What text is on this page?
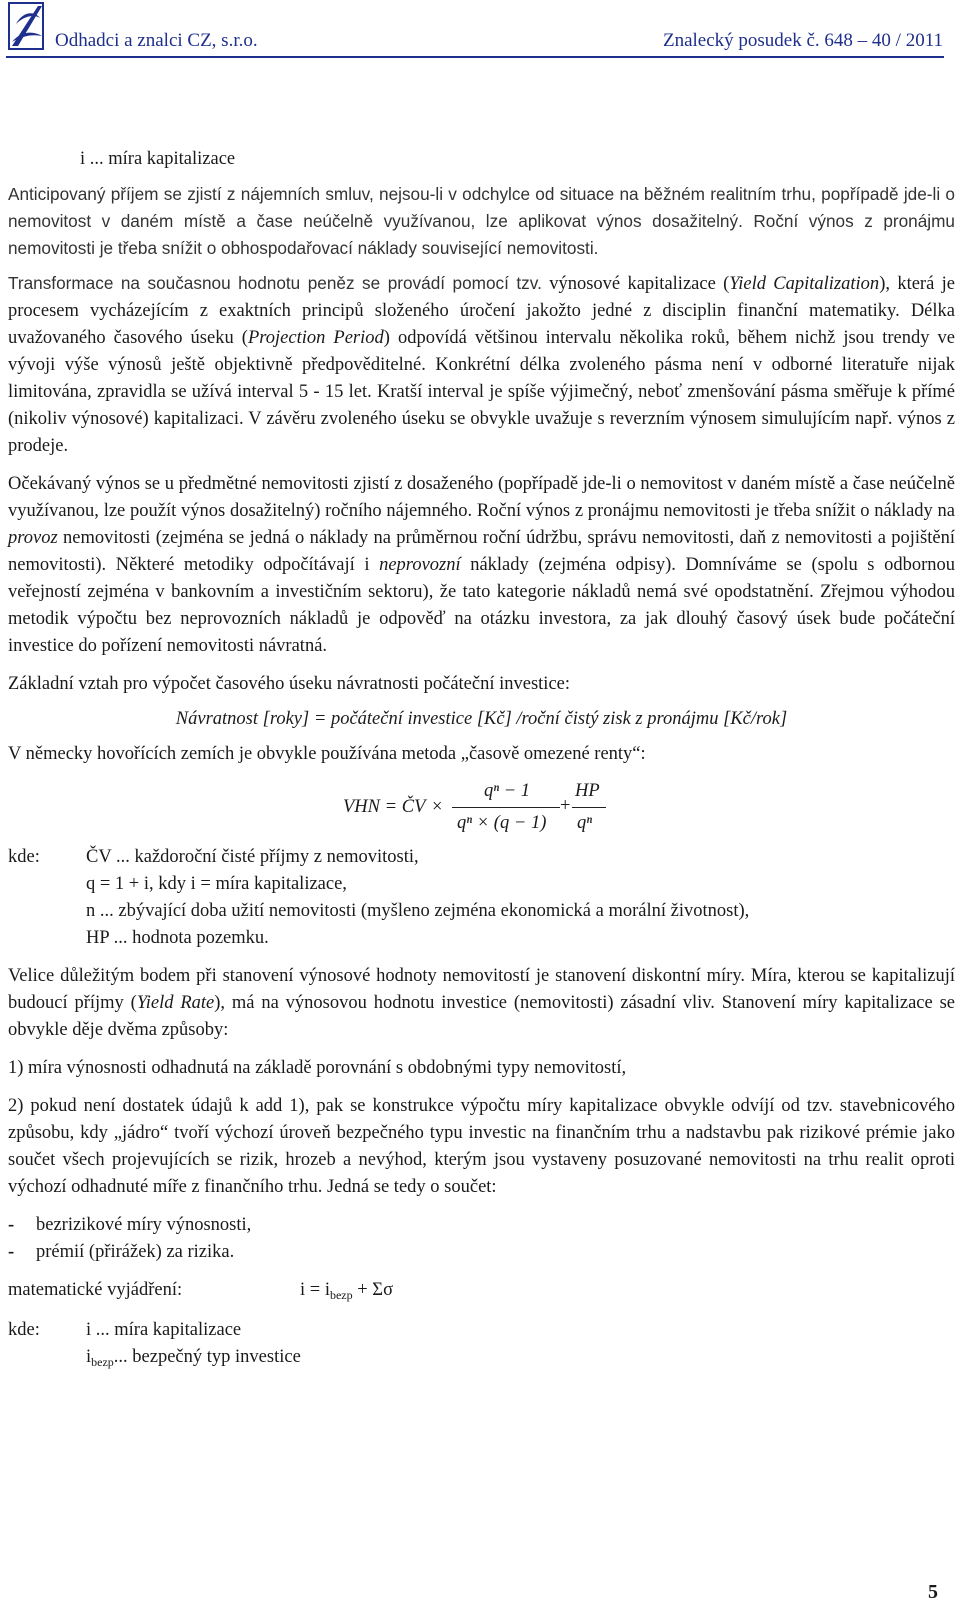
Odhadci a znalci CZ, s.r.o.	Znalecký posudek č. 648 – 40 / 2011

i ... míra kapitalizace

Anticipovaný příjem se zjistí z nájemních smluv, nejsou-li v odchylce od situace na běžném realitním trhu, popřípadě jde-li o nemovitost v daném místě a čase neúčelně využívanou, lze aplikovat výnos dosažitelný. Roční výnos z pronájmu nemovitosti je třeba snížit o obhospodařovací náklady související nemovitosti.

Transformace na současnou hodnotu peněz se provádí pomocí tzv. výnosové kapitalizace (Yield Capitalization), která je procesem vycházejícím z exaktních principů složeného úročení jakožto jedné z disciplin finanční matematiky. Délka uvažovaného časového úseku (Projection Period) odpovídá většinou intervalu několika roků, během nichž jsou trendy ve vývoji výše výnosů ještě objektivně předpověditelné. Konkrétní délka zvoleného pásma není v odborné literatuře nijak limitována, zpravidla se užívá interval 5 - 15 let. Kratší interval je spíše výjimečný, neboť zmenšování pásma směřuje k přímé (nikoliv výnosové) kapitalizaci. V závěru zvoleného úseku se obvykle uvažuje s reverzním výnosem simulujícím např. výnos z prodeje.

Očekávaný výnos se u předmětné nemovitosti zjistí z dosaženého (popřípadě jde-li o nemovitost v daném místě a čase neúčelně využívanou, lze použít výnos dosažitelný) ročního nájemného. Roční výnos z pronájmu nemovitosti je třeba snížit o náklady na provoz nemovitosti (zejména se jedná o náklady na průměrnou roční údržbu, správu nemovitosti, daň z nemovitosti a pojištění nemovitosti). Některé metodiky odpočítávají i neprovozní náklady (zejména odpisy). Domníváme se (spolu s odbornou veřejností zejména v bankovním a investičním sektoru), že tato kategorie nákladů nemá své opodstatnění. Zřejmou výhodou metodik výpočtu bez neprovozních nákladů je odpověď na otázku investora, za jak dlouhý časový úsek bude počáteční investice do pořízení nemovitosti návratná.

Základní vztah pro výpočet časového úseku návratnosti počáteční investice:

Návratnost [roky] = počáteční investice [Kč] /roční čistý zisk z pronájmu [Kč/rok]

V německy hovořících zemích je obvykle používána metoda „časově omezené renty“:

VHN = ČV ×
qⁿ − 1
qⁿ × (q − 1)
+
HP
qⁿ
kde:	ČV ... každoroční čisté příjmy z nemovitosti,
q = 1 + i, kdy i = míra kapitalizace,
n ... zbývající doba užití nemovitosti (myšleno zejména ekonomická a morální životnost),
HP ... hodnota pozemku.

Velice důležitým bodem při stanovení výnosové hodnoty nemovitostí je stanovení diskontní míry. Míra, kterou se kapitalizují budoucí příjmy (Yield Rate), má na výnosovou hodnotu investice (nemovitosti) zásadní vliv. Stanovení míry kapitalizace se obvykle děje dvěma způsoby:

1) míra výnosnosti odhadnutá na základě porovnání s obdobnými typy nemovitostí,

2) pokud není dostatek údajů k add 1), pak se konstrukce výpočtu míry kapitalizace obvykle odvíjí od tzv. stavebnicového způsobu, kdy „jádro“ tvoří výchozí úroveň bezpečného typu investic na finančním trhu a nadstavbu pak rizikové prémie jako součet všech projevujících se rizik, hrozeb a nevýhod, kterým jsou vystaveny posuzované nemovitosti na trhu realit oproti výchozí odhadnuté míře z finančního trhu. Jedná se tedy o součet:

-	bezrizikové míry výnosnosti,
-	prémií (přirážek) za rizika.
matematické vyjádření:	$i = i_{bezp} + \Sigma\sigma$
kde:	i ... míra kapitalizace
$i_{bezp}$... bezpečný typ investice
5
